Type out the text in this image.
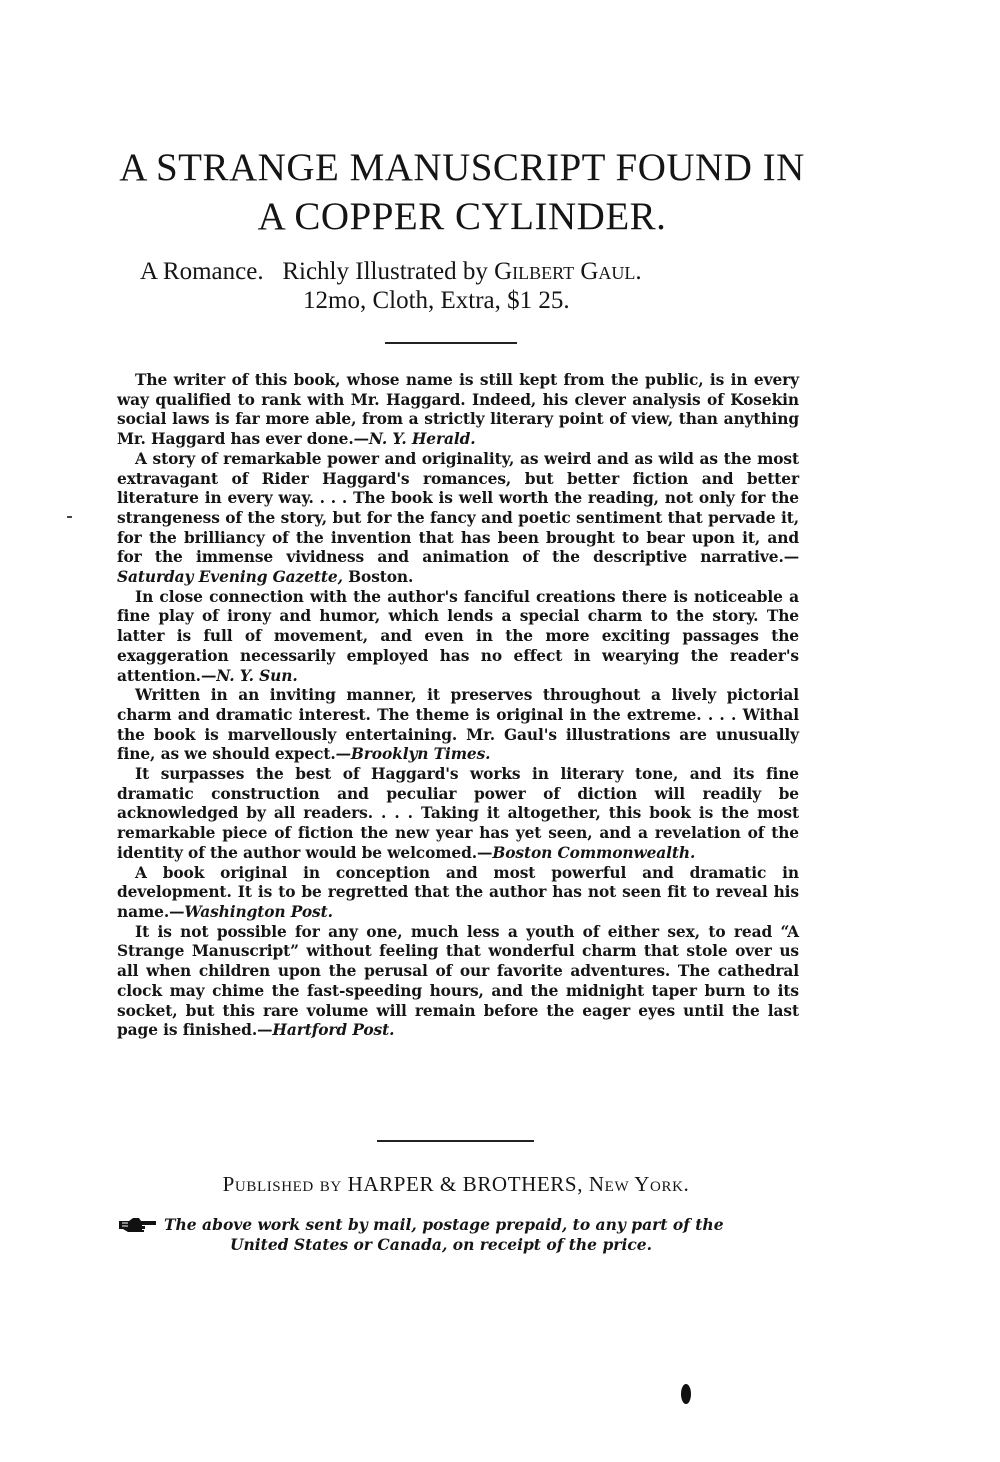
A STRANGE MANUSCRIPT FOUND IN
A COPPER CYLINDER.
A Romance. Richly Illustrated by Gilbert Gaul.
12mo, Cloth, Extra, $1 25.

The writer of this book, whose name is still kept from the public, is in every way qualified to rank with Mr. Haggard. Indeed, his clever analysis of Kosekin social laws is far more able, from a strictly literary point of view, than anything Mr. Haggard has ever done.—N. Y. Herald.

A story of remarkable power and originality, as weird and as wild as the most extravagant of Rider Haggard's romances, but better fiction and better literature in every way. . . . The book is well worth the reading, not only for the strangeness of the story, but for the fancy and poetic sentiment that pervade it, for the brilliancy of the invention that has been brought to bear upon it, and for the immense vividness and animation of the descriptive narrative.—Saturday Evening Gazette, Boston.

In close connection with the author's fanciful creations there is noticeable a fine play of irony and humor, which lends a special charm to the story. The latter is full of movement, and even in the more exciting passages the exaggeration necessarily employed has no effect in wearying the reader's attention.—N. Y. Sun.

Written in an inviting manner, it preserves throughout a lively pictorial charm and dramatic interest. The theme is original in the extreme. . . . Withal the book is marvellously entertaining. Mr. Gaul's illustrations are unusually fine, as we should expect.—Brooklyn Times.

It surpasses the best of Haggard's works in literary tone, and its fine dramatic construction and peculiar power of diction will readily be acknowledged by all readers. . . . Taking it altogether, this book is the most remarkable piece of fiction the new year has yet seen, and a revelation of the identity of the author would be welcomed.—Boston Commonwealth.

A book original in conception and most powerful and dramatic in development. It is to be regretted that the author has not seen fit to reveal his name.—Washington Post.

It is not possible for any one, much less a youth of either sex, to read “A Strange Manuscript” without feeling that wonderful charm that stole over us all when children upon the perusal of our favorite adventures. The cathedral clock may chime the fast-speeding hours, and the midnight taper burn to its socket, but this rare volume will remain before the eager eyes until the last page is finished.—Hartford Post.

Published by HARPER & BROTHERS, New York.
The above work sent by mail, postage prepaid, to any part of the
United States or Canada, on receipt of the price.
